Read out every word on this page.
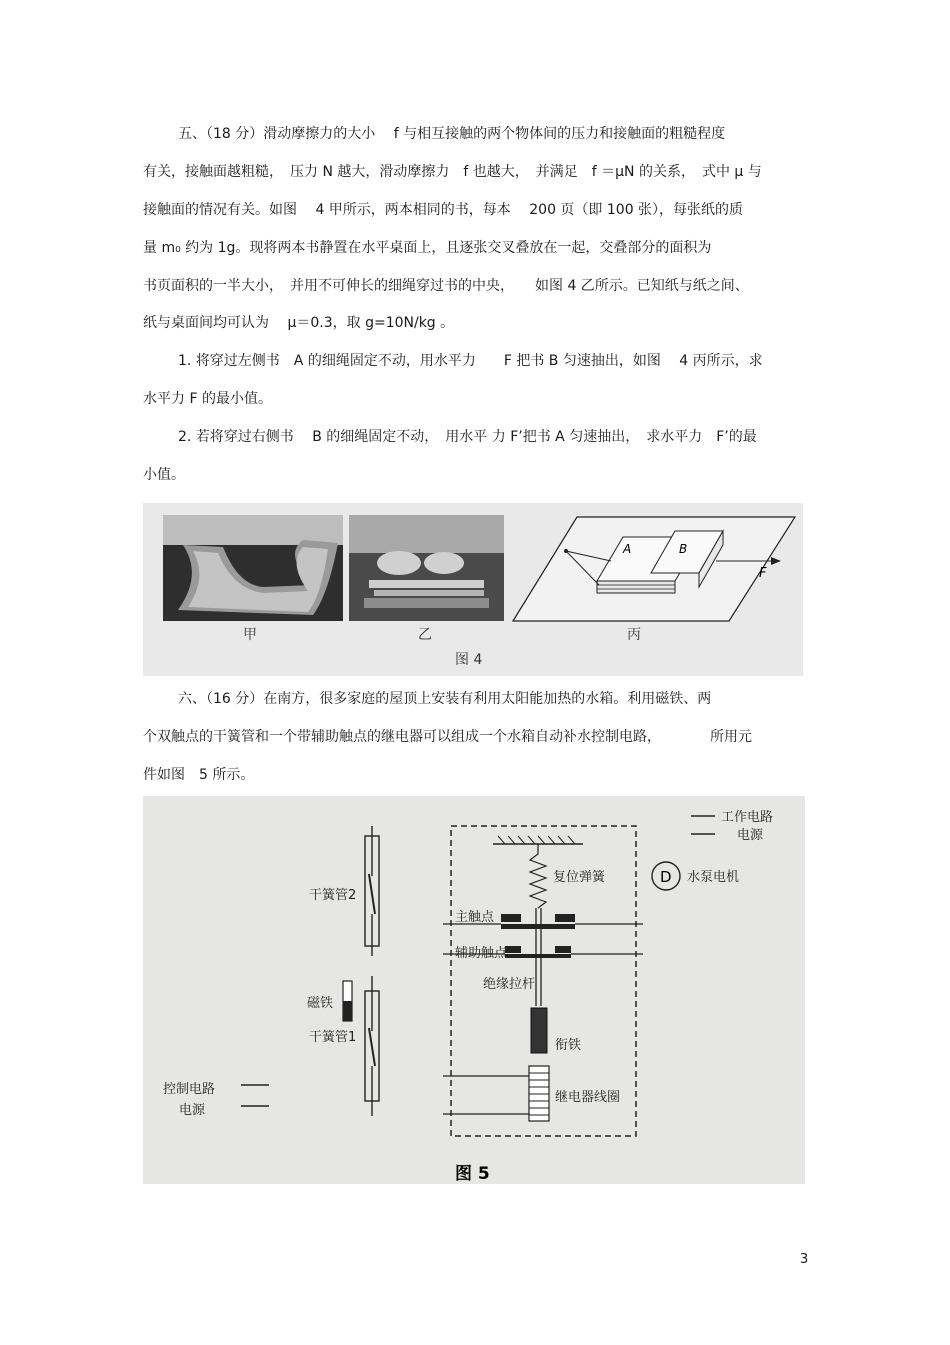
五、（18 分）滑动摩擦力的大小　 f 与相互接触的两个物体间的压力和接触面的粗糙程度
有关，接触面越粗糙，　压力 N 越大，滑动摩擦力　f 也越大，　并满足　f ＝μN 的关系，　式中 μ 与
接触面的情况有关。如图　 4 甲所示，两本相同的书，每本　 200 页（即 100 张），每张纸的质
量 m₀ 约为 1g。现将两本书静置在水平桌面上，且逐张交叉叠放在一起，交叠部分的面积为
书页面积的一半大小，　并用不可伸长的细绳穿过书的中央，　　如图 4 乙所示。已知纸与纸之间、
纸与桌面间均可认为　 μ＝0.3，取 g=10N/kg 。
1. 将穿过左侧书　A 的细绳固定不动，用水平力　　F 把书 B 匀速抽出，如图　 4 丙所示，求
水平力 F 的最小值。
2. 若将穿过右侧书　 B 的细绳固定不动，　用水平 力 F’把书 A 匀速抽出，　求水平力　F’的最
小值。
A	B
F
甲	乙	丙
图 4
六、（16 分）在南方，很多家庭的屋顶上安装有利用太阳能加热的水箱。利用磁铁、两
个双触点的干簧管和一个带辅助触点的继电器可以组成一个水箱自动补水控制电路，　　　　所用元
件如图　5 所示。
D
图 5
干簧管2
磁铁
干簧管1
控制电路
电源
复位弹簧
主触点
辅助触点
绝缘拉杆
衔铁
继电器线圈
工作电路
电源
水泵电机
3
